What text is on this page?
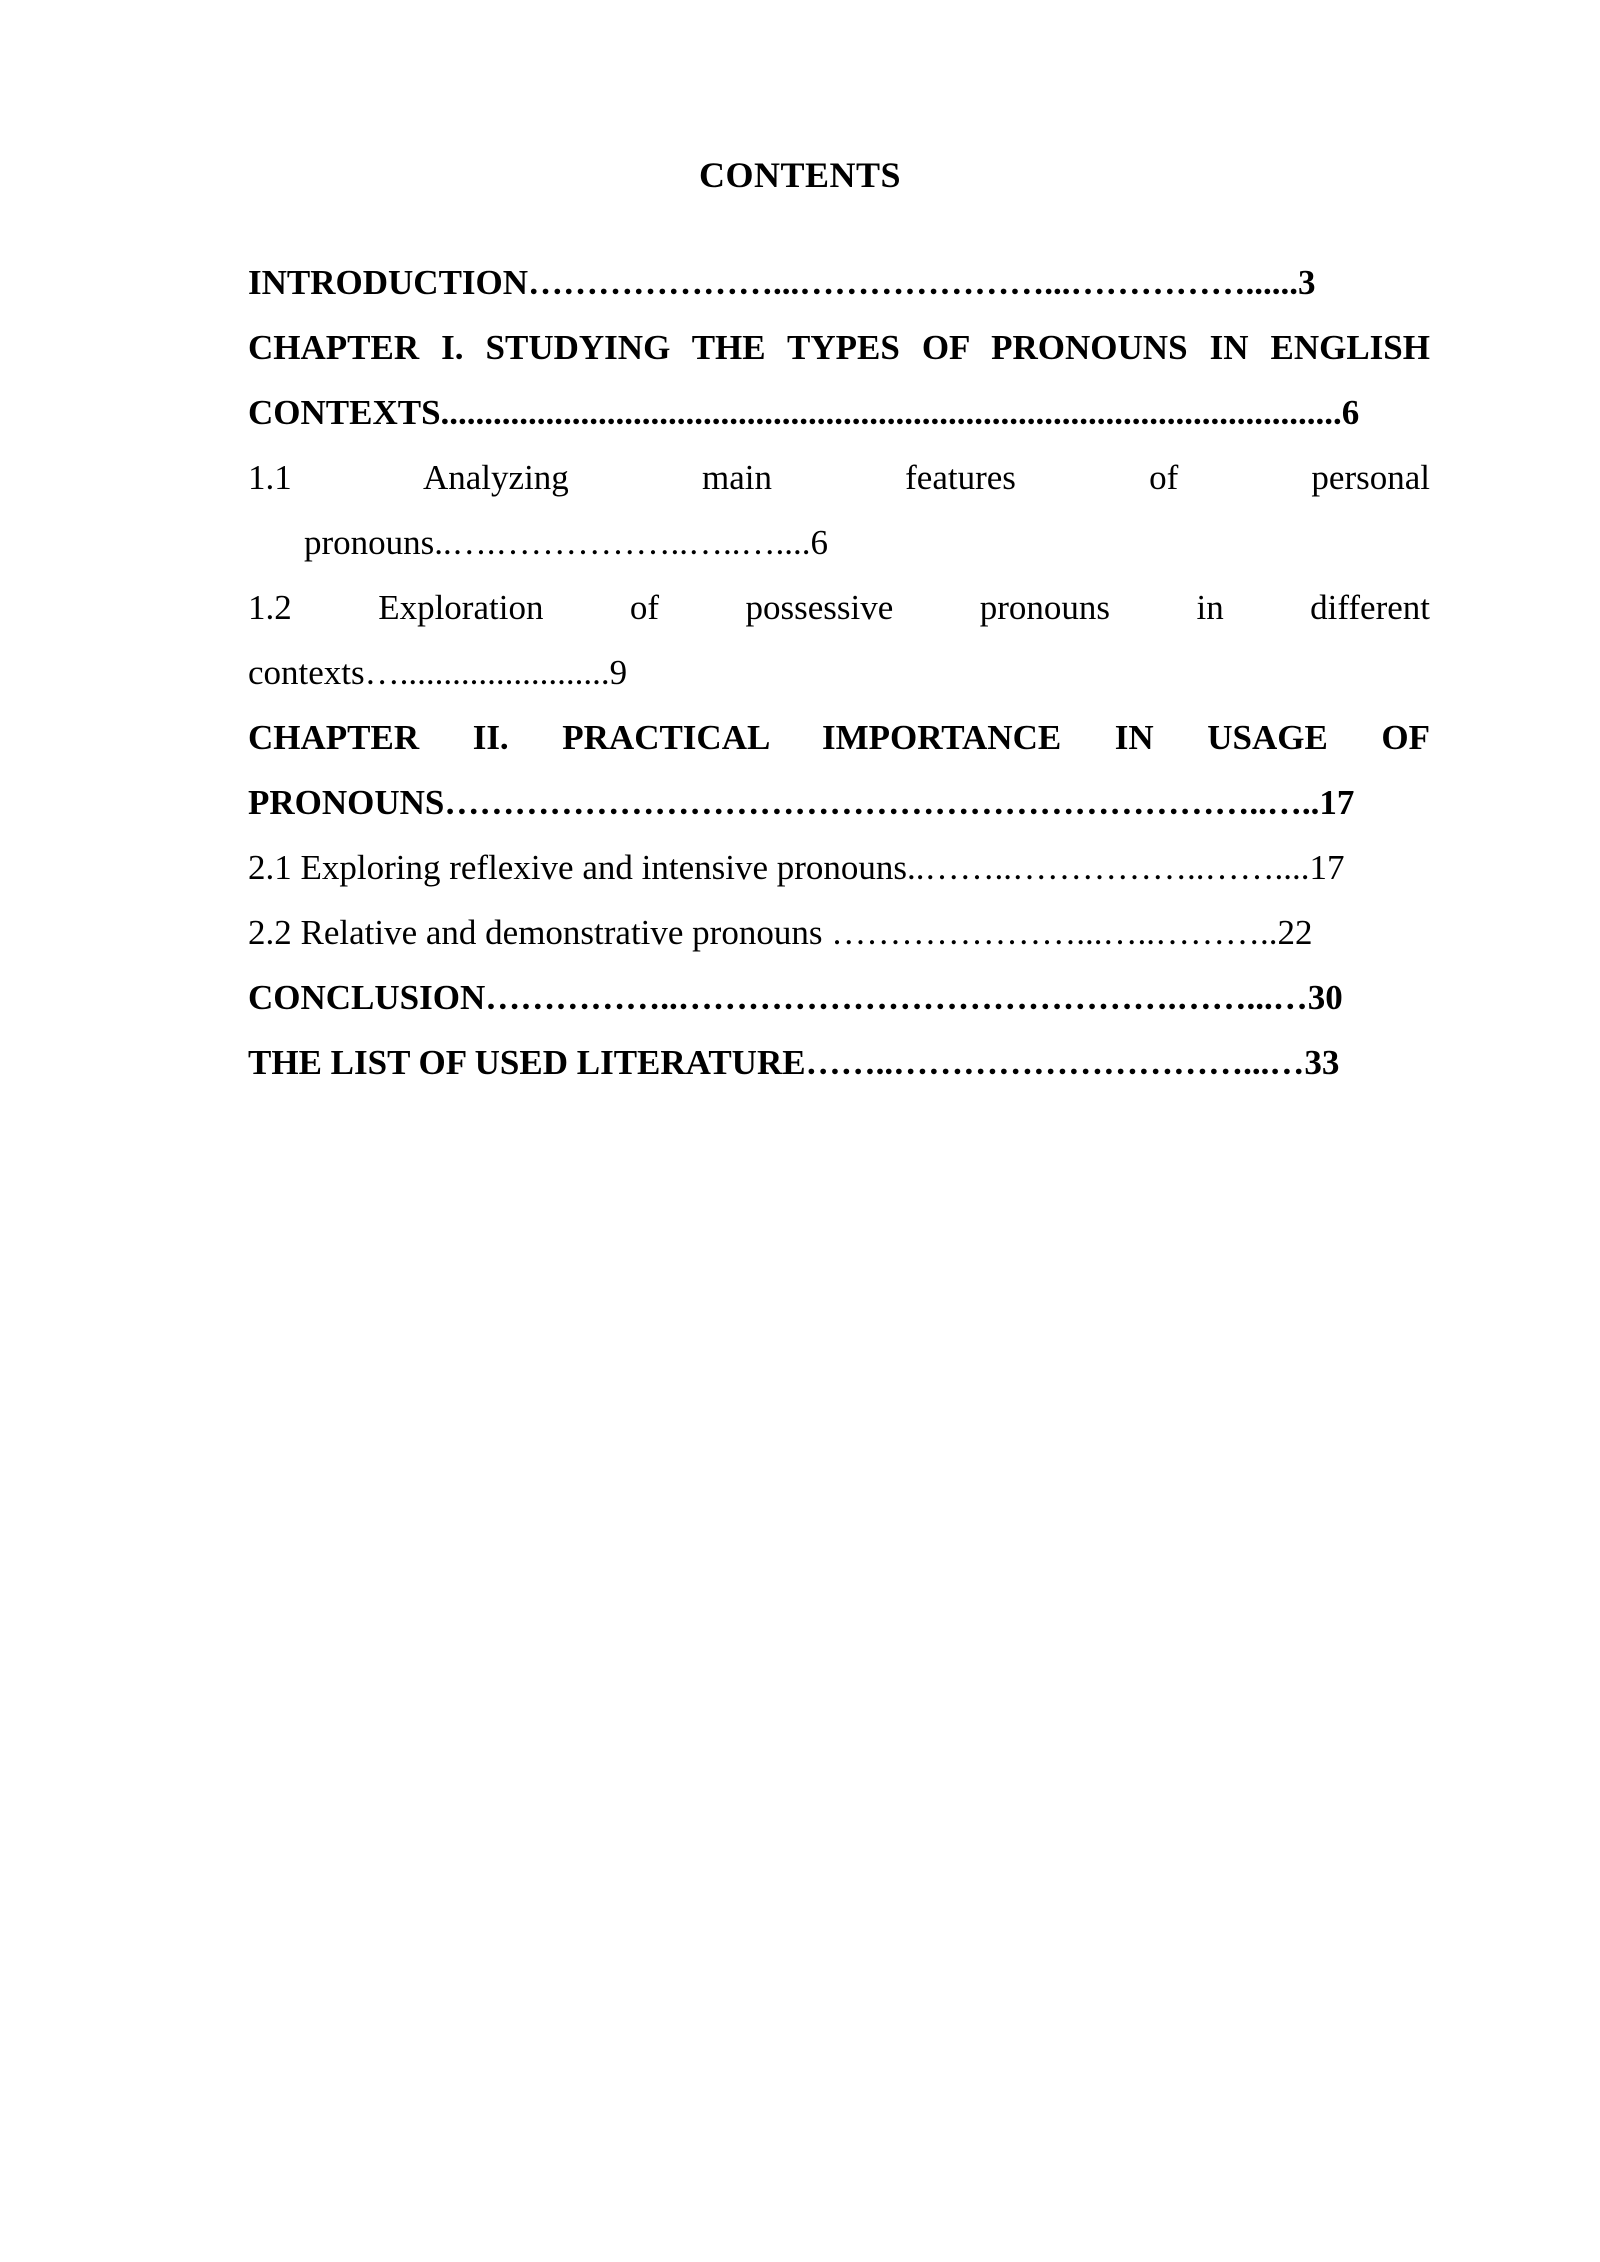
CONTENTS
INTRODUCTION…………………...…………………...……………......3
CHAPTER I. STUDYING THE TYPES OF PRONOUNS IN ENGLISH
CONTEXTS.......................................................................................................6
1.1 Analyzing main features of personal
pronouns..….……………..…..…....6
1.2 Exploration of possessive pronouns in different
contexts…........................9
CHAPTER II. PRACTICAL IMPORTANCE IN USAGE OF
PRONOUNS……………………………………………………………..…..17
2.1 Exploring reflexive and intensive pronouns..……..……………..……....17
2.2 Relative and demonstrative pronouns …………………...…..………..22
CONCLUSION……………..…………………………………….……...…30
THE LIST OF USED LITERATURE……..…………………………...…33
